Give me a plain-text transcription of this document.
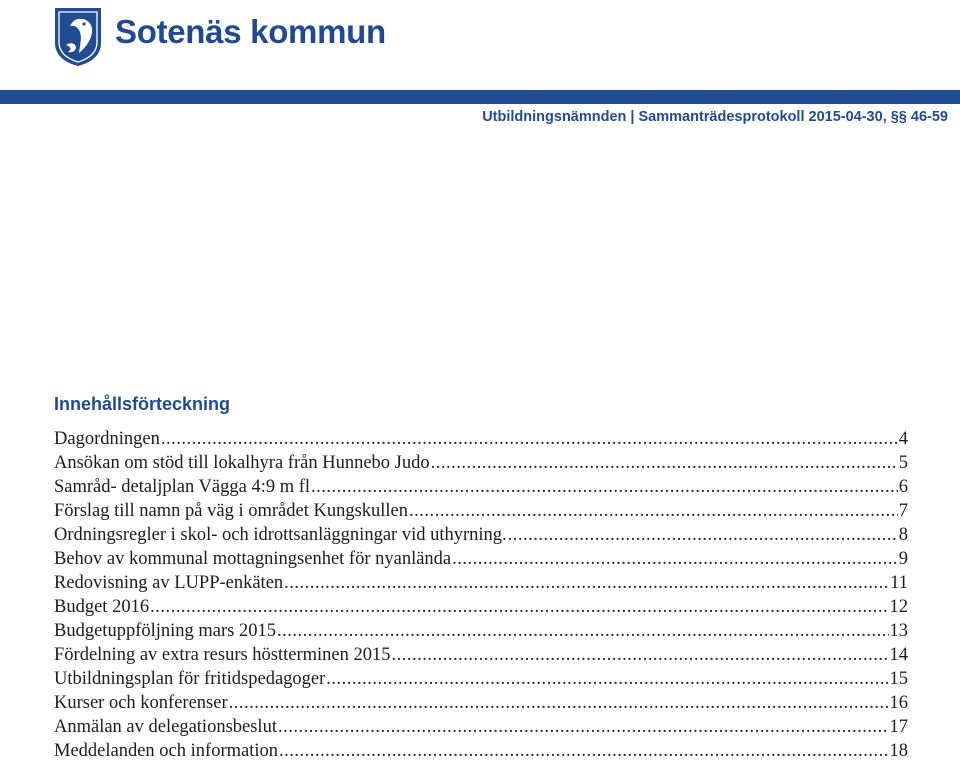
Sotenäs kommun
Utbildningsnämnden | Sammanträdesprotokoll 2015-04-30, §§ 46-59
Innehållsförteckning
Dagordningen .....	4
Ansökan om stöd till lokalhyra från Hunnebo Judo .....	5
Samråd- detaljplan Vägga 4:9 m fl .....	6
Förslag till namn på väg i området Kungskullen .....	7
Ordningsregler i skol- och idrottsanläggningar vid uthyrning. .....	8
Behov av kommunal mottagningsenhet för nyanlända .....	9
Redovisning av LUPP-enkäten .....	11
Budget 2016 .....	12
Budgetuppföljning mars 2015 .....	13
Fördelning av extra resurs höstterminen 2015 .....	14
Utbildningsplan för fritidspedagoger .....	15
Kurser och konferenser .....	16
Anmälan av delegationsbeslut .....	17
Meddelanden och information .....	18
